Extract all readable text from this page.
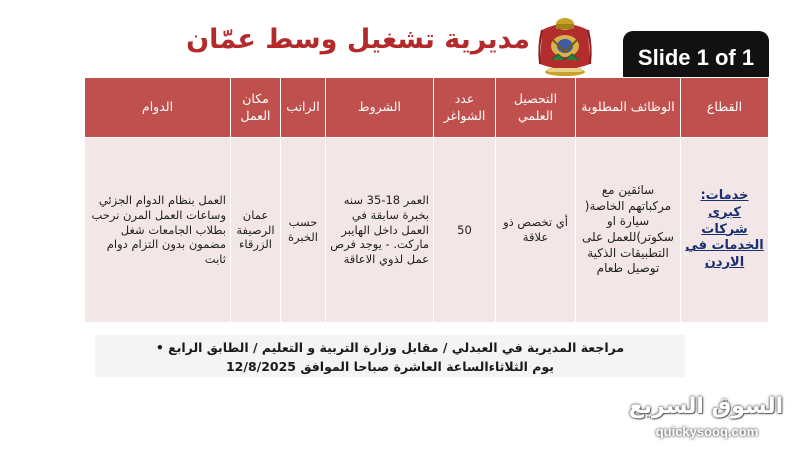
مديرية تشغيل وسط عمّان
Slide 1 of 1
القطاع	الوظائف المطلوبة	التحصيل العلمي	عدد الشواغر	الشروط	الراتب	مكان العمل	الدوام
خدمات: كبرى شركات الخدمات في الاردن	سائقين مع مركباتهم الخاصة( سيارة او سكوتر)للعمل على التطبيقات الذكية توصيل طعام	أي تخصص ذو علاقة	50	العمر 18-35 سنه بخبرة سابقة في العمل داخل الهايبر ماركت. - يوجد فرص عمل لذوي الاعاقة	حسب الخبرة	عمان الرصيفة الزرقاء	العمل بنظام الدوام الجزئي وساعات العمل المرن نرحب بطلاب الجامعات شغل مضمون بدون التزام دوام ثابت
مراجعة المديرية في العبدلي / مقابل وزارة التربية و التعليم / الطابق الرابع •
يوم الثلاثاءالساعة العاشرة صباحا الموافق 12/8/2025
السوق السريع
quickysooq.com
